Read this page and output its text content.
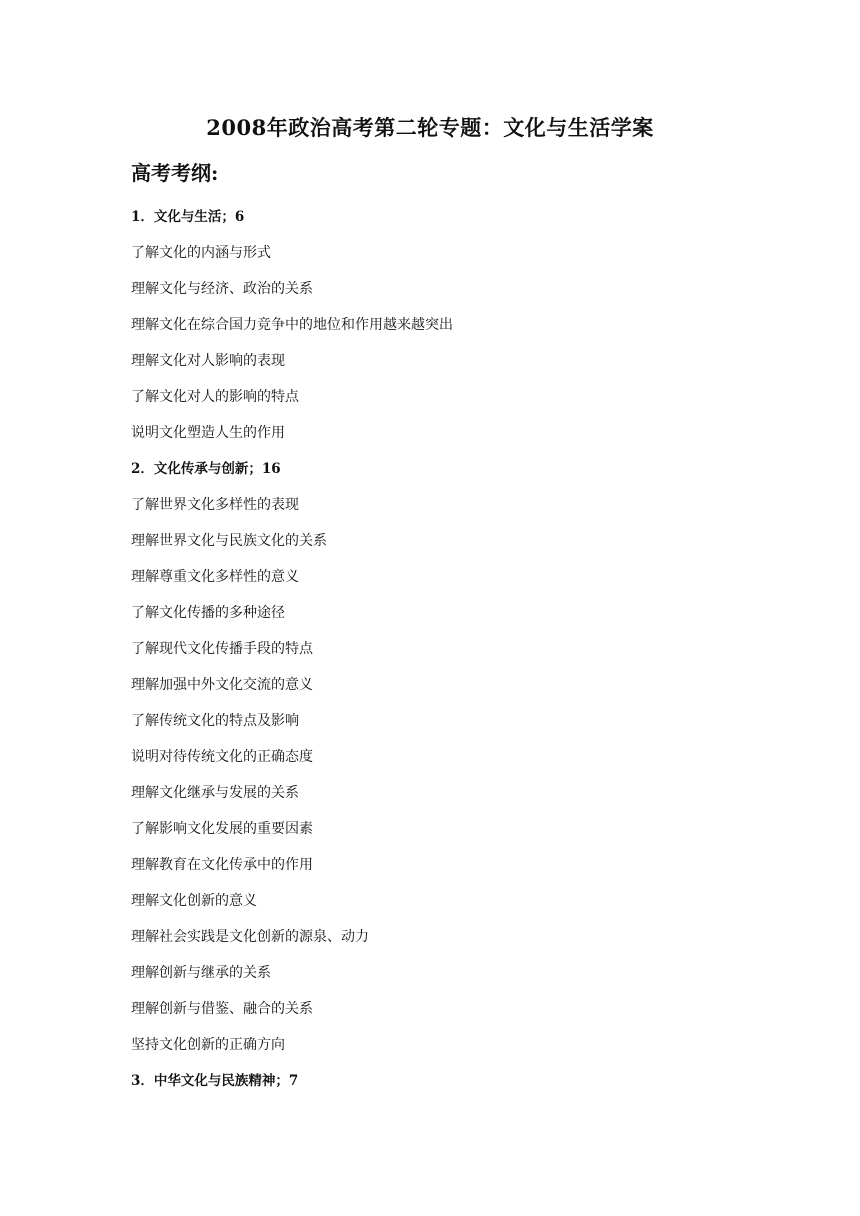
2008年政治高考第二轮专题：文化与生活学案
高考考纲:
1．文化与生活；6
了解文化的内涵与形式
理解文化与经济、政治的关系
理解文化在综合国力竞争中的地位和作用越来越突出
理解文化对人影响的表现
了解文化对人的影响的特点
说明文化塑造人生的作用
2．文化传承与创新；16
了解世界文化多样性的表现
理解世界文化与民族文化的关系
理解尊重文化多样性的意义
了解文化传播的多种途径
了解现代文化传播手段的特点
理解加强中外文化交流的意义
了解传统文化的特点及影响
说明对待传统文化的正确态度
理解文化继承与发展的关系
了解影响文化发展的重要因素
理解教育在文化传承中的作用
理解文化创新的意义
理解社会实践是文化创新的源泉、动力
理解创新与继承的关系
理解创新与借鉴、融合的关系
坚持文化创新的正确方向
3．中华文化与民族精神；7
